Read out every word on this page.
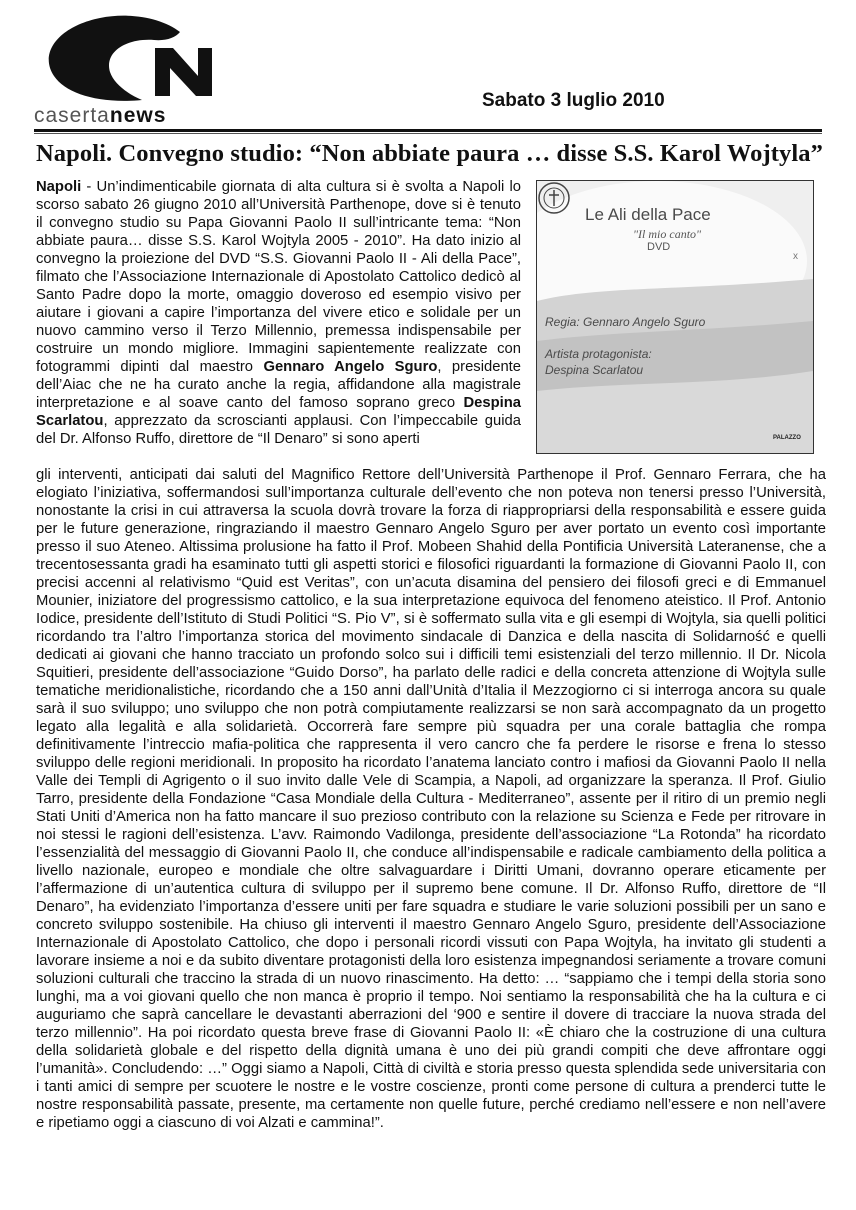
casertanews
Sabato 3 luglio 2010
Napoli. Convegno studio: “Non abbiate paura … disse S.S. Karol Wojtyla”

Napoli - Un’indimenticabile giornata di alta cultura si è svolta a Napoli lo scorso sabato 26 giugno 2010 all’Università Parthenope, dove si è tenuto il convegno studio su Papa Giovanni Paolo II sull’intricante tema: “Non abbiate paura… disse S.S. Karol Wojtyla 2005 - 2010”. Ha dato inizio al convegno la proiezione del DVD “S.S. Giovanni Paolo II - Ali della Pace”, filmato che l’Associazione Internazionale di Apostolato Cattolico dedicò al Santo Padre dopo la morte, omaggio doveroso ed esempio visivo per aiutare i giovani a capire l’importanza del vivere etico e solidale per un nuovo cammino verso il Terzo Millennio, premessa indispensabile per costruire un mondo migliore. Immagini sapientemente realizzate con fotogrammi dipinti dal maestro Gennaro Angelo Sguro, presidente dell’Aiac che ne ha curato anche la regia, affidandone alla magistrale interpretazione e al soave canto del famoso soprano greco Despina Scarlatou, apprezzato da scroscianti applausi. Con l’impeccabile guida del Dr. Alfonso Ruffo, direttore de “Il Denaro” si sono aperti

Le Ali della Pace
"Il mio canto"
DVD
x
Regia: Gennaro Angelo Sguro
Artista protagonista:
Despina Scarlatou
PALAZZO

gli interventi, anticipati dai saluti del Magnifico Rettore dell’Università Parthenope il Prof. Gennaro Ferrara, che ha elogiato l’iniziativa, soffermandosi sull’importanza culturale dell’evento che non poteva non tenersi presso l’Università, nonostante la crisi in cui attraversa la scuola dovrà trovare la forza di riappropriarsi della responsabilità e essere guida per le future generazione, ringraziando il maestro Gennaro Angelo Sguro per aver portato un evento così importante presso il suo Ateneo. Altissima prolusione ha fatto il Prof. Mobeen Shahid della Pontificia Università Lateranense, che a trecentosessanta gradi ha esaminato tutti gli aspetti storici e filosofici riguardanti la formazione di Giovanni Paolo II, con precisi accenni al relativismo “Quid est Veritas”, con un’acuta disamina del pensiero dei filosofi greci e di Emmanuel Mounier, iniziatore del progressismo cattolico, e la sua interpretazione equivoca del fenomeno ateistico. Il Prof. Antonio Iodice, presidente dell’Istituto di Studi Politici “S. Pio V”, si è soffermato sulla vita e gli esempi di Wojtyla, sia quelli politici ricordando tra l’altro l’importanza storica del movimento sindacale di Danzica e della nascita di Solidarność e quelli dedicati ai giovani che hanno tracciato un profondo solco sui i difficili temi esistenziali del terzo millennio. Il Dr. Nicola Squitieri, presidente dell’associazione “Guido Dorso”, ha parlato delle radici e della concreta attenzione di Wojtyla sulle tematiche meridionalistiche, ricordando che a 150 anni dall’Unità d’Italia il Mezzogiorno ci si interroga ancora su quale sarà il suo sviluppo; uno sviluppo che non potrà compiutamente realizzarsi se non sarà accompagnato da un progetto legato alla legalità e alla solidarietà. Occorrerà fare sempre più squadra per una corale battaglia che rompa definitivamente l’intreccio mafia-politica che rappresenta il vero cancro che fa perdere le risorse e frena lo stesso sviluppo delle regioni meridionali. In proposito ha ricordato l’anatema lanciato contro i mafiosi da Giovanni Paolo II nella Valle dei Templi di Agrigento o il suo invito dalle Vele di Scampia, a Napoli, ad organizzare la speranza. Il Prof. Giulio Tarro, presidente della Fondazione “Casa Mondiale della Cultura - Mediterraneo”, assente per il ritiro di un premio negli Stati Uniti d’America non ha fatto mancare il suo prezioso contributo con la relazione su Scienza e Fede per ritrovare in noi stessi le ragioni dell’esistenza. L’avv. Raimondo Vadilonga, presidente dell’associazione “La Rotonda” ha ricordato l’essenzialità del messaggio di Giovanni Paolo II, che conduce all’indispensabile e radicale cambiamento della politica a livello nazionale, europeo e mondiale che oltre salvaguardare i Diritti Umani, dovranno operare eticamente per l’affermazione di un’autentica cultura di sviluppo per il supremo bene comune. Il Dr. Alfonso Ruffo, direttore de “Il Denaro”, ha evidenziato l’importanza d’essere uniti per fare squadra e studiare le varie soluzioni possibili per un sano e concreto sviluppo sostenibile. Ha chiuso gli interventi il maestro Gennaro Angelo Sguro, presidente dell’Associazione Internazionale di Apostolato Cattolico, che dopo i personali ricordi vissuti con Papa Wojtyla, ha invitato gli studenti a lavorare insieme a noi e da subito diventare protagonisti della loro esistenza impegnandosi seriamente a trovare comuni soluzioni culturali che traccino la strada di un nuovo rinascimento. Ha detto: … “sappiamo che i tempi della storia sono lunghi, ma a voi giovani quello che non manca è proprio il tempo. Noi sentiamo la responsabilità che ha la cultura e ci auguriamo che saprà cancellare le devastanti aberrazioni del ‘900 e sentire il dovere di tracciare la nuova strada del terzo millennio”. Ha poi ricordato questa breve frase di Giovanni Paolo II: «È chiaro che la costruzione di una cultura della solidarietà globale e del rispetto della dignità umana è uno dei più grandi compiti che deve affrontare oggi l’umanità». Concludendo: …” Oggi siamo a Napoli, Città di civiltà e storia presso questa splendida sede universitaria con i tanti amici di sempre per scuotere le nostre e le vostre coscienze, pronti come persone di cultura a prenderci tutte le nostre responsabilità passate, presente, ma certamente non quelle future, perché crediamo nell’essere e non nell’avere e ripetiamo oggi a ciascuno di voi Alzati e cammina!”.
